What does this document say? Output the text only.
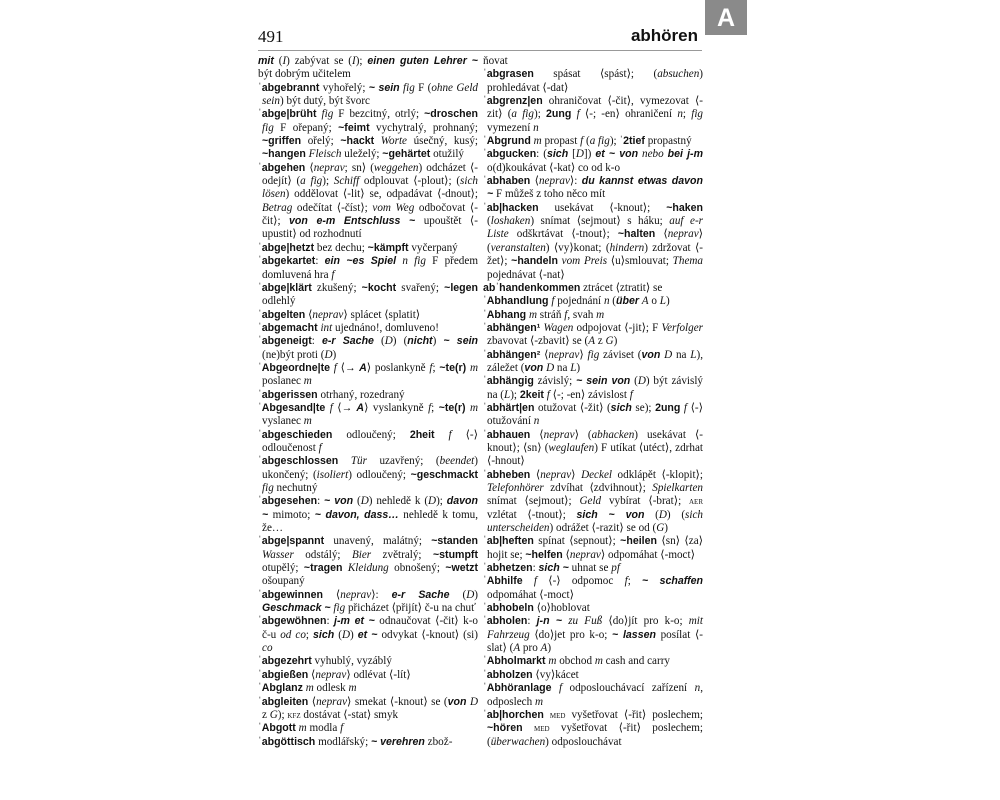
491	abhören
A

mit (I) zabývat se (I); einen guten Lehrer ~ být dobrým učitelem

ˈabgebrannt vyhořelý; ~ sein fig F (ohne Geld sein) být dutý, být švorc

ˈabge|brüht fig F bezcitný, otrlý; ~droschen fig F ořepaný; ~feimt vychytralý, prohnaný; ~griffen ořelý; ~hackt Worte úsečný, kusý; ~hangen Fleisch uleželý; ~gehärtet otužilý

ˈabgehen ⟨neprav; sn⟩ (weggehen) odcházet ⟨-odejít⟩ (a fig); Schiff odplouvat ⟨-plout⟩; (sich lösen) oddělovat ⟨-lit⟩ se, odpadávat ⟨-dnout⟩; Betrag odečítat ⟨-číst⟩; vom Weg odbočovat ⟨-čit⟩; von e-m Entschluss ~ upouštět ⟨-upustit⟩ od rozhodnutí

ˈabge|hetzt bez dechu; ~kämpft vyčerpaný

ˈabgekartet: ein ~es Spiel n fig F předem domluvená hra f

ˈabge|klärt zkušený; ~kocht svařený; ~legen odlehlý

ˈabgelten ⟨neprav⟩ splácet ⟨splatit⟩

ˈabgemacht int ujednáno!, domluveno!

ˈabgeneigt: e-r Sache (D) (nicht) ~ sein (ne)být proti (D)

ˈAbgeordne|te f ⟨→ A⟩ poslankyně f; ~te(r) m poslanec m

ˈabgerissen otrhaný, rozedraný

ˈAbgesand|te f ⟨→ A⟩ vyslankyně f; ~te(r) m vyslanec m

ˈabgeschieden odloučený; 2heit f ⟨-⟩ odloučenost f

ˈabgeschlossen Tür uzavřený; (beendet) ukončený; (isoliert) odloučený; ~geschmackt fig nechutný

ˈabgesehen: ~ von (D) nehledě k (D); davon ~ mimoto; ~ davon, dass… nehledě k tomu, že…

ˈabge|spannt unavený, malátný; ~standen Wasser odstálý; Bier zvětralý; ~stumpft otupělý; ~tragen Kleidung obnošený; ~wetzt ošoupaný

ˈabgewinnen ⟨neprav⟩: e-r Sache (D) Geschmack ~ fig přicházet ⟨přijít⟩ č-u na chuť

ˈabgewöhnen: j-m et ~ odnaučovat ⟨-čit⟩ k-o č-u od co; sich (D) et ~ odvykat ⟨-knout⟩ (si) co

ˈabgezehrt vyhublý, vyzáblý

ˈabgießen ⟨neprav⟩ odlévat ⟨-lít⟩

ˈAbglanz m odlesk m

ˈabgleiten ⟨neprav⟩ smekat ⟨-knout⟩ se (von D z G); kfz dostávat ⟨-stat⟩ smyk

ˈAbgott m modla f

ˈabgöttisch modlářský; ~ verehren zbož-

ňovat

ˈabgrasen spásat ⟨spást⟩; (absuchen) prohledávat ⟨-dat⟩

ˈabgrenz|en ohraničovat ⟨-čit⟩, vymezovat ⟨-zit⟩ (a fig); 2ung f ⟨-; -en⟩ ohraničení n; fig vymezení n

ˈAbgrund m propast f (a fig); ˈ2tief propastný

ˈabgucken: (sich [D]) et ~ von nebo bei j-m o(d)koukávat ⟨-kat⟩ co od k-o

ˈabhaben ⟨neprav⟩: du kannst etwas davon ~ F můžeš z toho něco mít

ˈab|hacken usekávat ⟨-knout⟩; ~haken (loshaken) snímat ⟨sejmout⟩ s háku; auf e-r Liste odškrtávat ⟨-tnout⟩; ~halten ⟨neprav⟩ (veranstalten) ⟨vy⟩konat; (hindern) zdržovat ⟨-žet⟩; ~handeln vom Preis ⟨u⟩smlouvat; Thema pojednávat ⟨-nat⟩

abˈhandenkommen ztrácet ⟨ztratit⟩ se

ˈAbhandlung f pojednání n (über A o L)

ˈAbhang m stráň f, svah m

ˈabhängen¹ Wagen odpojovat ⟨-jit⟩; F Verfolger zbavovat ⟨-zbavit⟩ se (A z G)

ˈabhängen² ⟨neprav⟩ fig záviset (von D na L), záležet (von D na L)

ˈabhängig závislý; ~ sein von (D) být závislý na (L); 2keit f ⟨-; -en⟩ závislost f

ˈabhärt|en otužovat ⟨-žit⟩ (sich se); 2ung f ⟨-⟩ otužování n

ˈabhauen ⟨neprav⟩ (abhacken) usekávat ⟨-knout⟩; ⟨sn⟩ (weglaufen) F utíkat ⟨utéct⟩, zdrhat ⟨-hnout⟩

ˈabheben ⟨neprav⟩ Deckel odklápět ⟨-klopit⟩; Telefonhörer zdvíhat ⟨zdvihnout⟩; Spielkarten snímat ⟨sejmout⟩; Geld vybírat ⟨-brat⟩; aer vzlétat ⟨-tnout⟩; sich ~ von (D) (sich unterscheiden) odrážet ⟨-razit⟩ se od (G)

ˈab|heften spínat ⟨sepnout⟩; ~heilen ⟨sn⟩ ⟨za⟩hojit se; ~helfen ⟨neprav⟩ odpomáhat ⟨-moct⟩

ˈabhetzen: sich ~ uhnat se pf

ˈAbhilfe f ⟨-⟩ odpomoc f; ~ schaffen odpomáhat ⟨-moct⟩

ˈabhobeln ⟨o⟩hoblovat

ˈabholen: j-n ~ zu Fuß ⟨do⟩jít pro k-o; mit Fahrzeug ⟨do⟩jet pro k-o; ~ lassen posílat ⟨-slat⟩ (A pro A)

ˈAbholmarkt m obchod m cash and carry

ˈabholzen ⟨vy⟩kácet

ˈAbhöranlage f odposlouchávací zařízení n, odposlech m

ˈab|horchen med vyšetřovat ⟨-řit⟩ poslechem; ~hören med vyšetřovat ⟨-řit⟩ poslechem; (überwachen) odposlouchávat
